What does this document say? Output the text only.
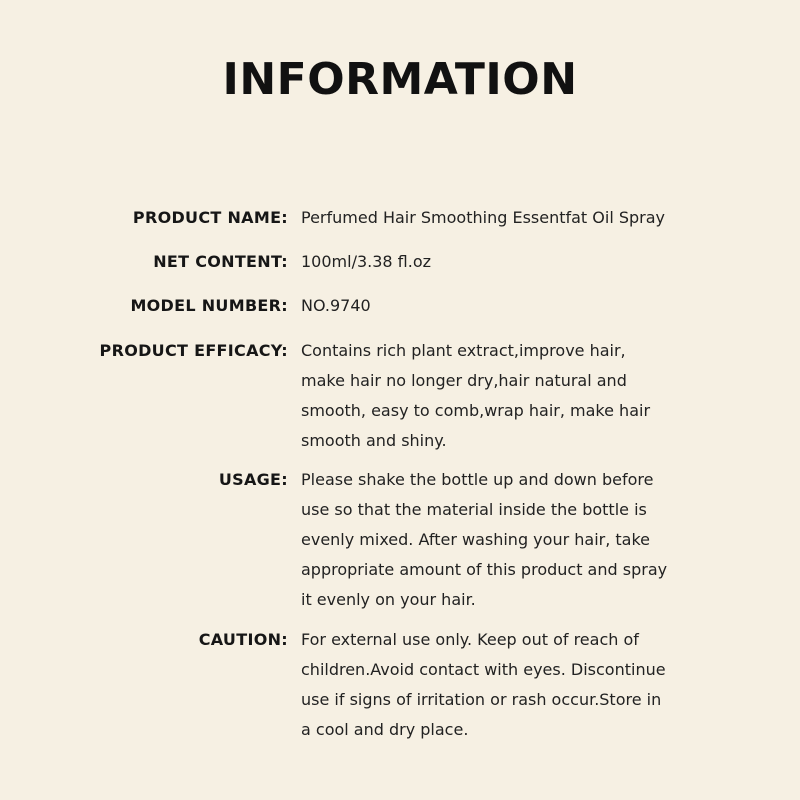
INFORMATION
PRODUCT NAME: Perfumed Hair Smoothing Essentfat Oil Spray
NET CONTENT: 100ml/3.38 fl.oz
MODEL NUMBER: NO.9740
PRODUCT EFFICACY: Contains rich plant extract,improve hair,
make hair no longer dry,hair natural and
smooth, easy to comb,wrap hair, make hair
smooth and shiny.
USAGE: Please shake the bottle up and down before
use so that the material inside the bottle is
evenly mixed. After washing your hair, take
appropriate amount of this product and spray
it evenly on your hair.
CAUTION: For external use only. Keep out of reach of
children.Avoid contact with eyes. Discontinue
use if signs of irritation or rash occur.Store in
a cool and dry place.
